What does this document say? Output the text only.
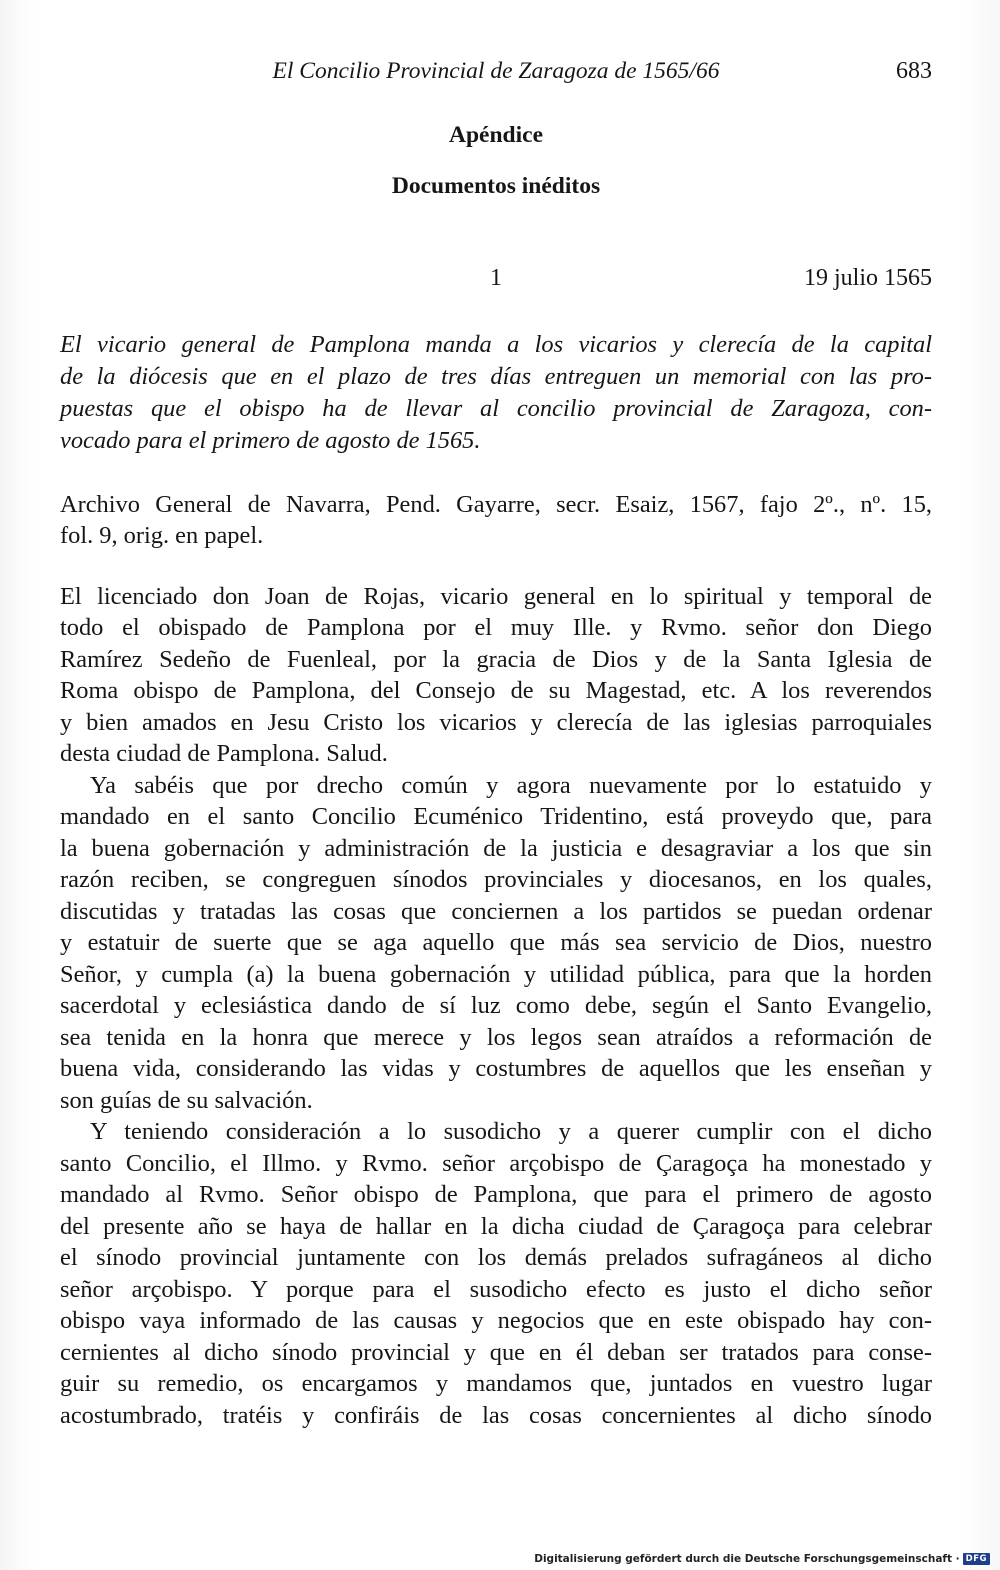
El Concilio Provincial de Zaragoza de 1565/66	683
Apéndice
Documentos inéditos
1	19 julio 1565
El vicario general de Pamplona manda a los vicarios y clerecía de la capital
de la diócesis que en el plazo de tres días entreguen un memorial con las pro-
puestas que el obispo ha de llevar al concilio provincial de Zaragoza, con-
vocado para el primero de agosto de 1565.
Archivo General de Navarra, Pend. Gayarre, secr. Esaiz, 1567, fajo 2º., nº. 15,
fol. 9, orig. en papel.
El licenciado don Joan de Rojas, vicario general en lo spiritual y temporal de
todo el obispado de Pamplona por el muy Ille. y Rvmo. señor don Diego
Ramírez Sedeño de Fuenleal, por la gracia de Dios y de la Santa Iglesia de
Roma obispo de Pamplona, del Consejo de su Magestad, etc. A los reverendos
y bien amados en Jesu Cristo los vicarios y clerecía de las iglesias parroquiales
desta ciudad de Pamplona. Salud.
Ya sabéis que por drecho común y agora nuevamente por lo estatuido y
mandado en el santo Concilio Ecuménico Tridentino, está proveydo que, para
la buena gobernación y administración de la justicia e desagraviar a los que sin
razón reciben, se congreguen sínodos provinciales y diocesanos, en los quales,
discutidas y tratadas las cosas que conciernen a los partidos se puedan ordenar
y estatuir de suerte que se aga aquello que más sea servicio de Dios, nuestro
Señor, y cumpla (a) la buena gobernación y utilidad pública, para que la horden
sacerdotal y eclesiástica dando de sí luz como debe, según el Santo Evangelio,
sea tenida en la honra que merece y los legos sean atraídos a reformación de
buena vida, considerando las vidas y costumbres de aquellos que les enseñan y
son guías de su salvación.
Y teniendo consideración a lo susodicho y a querer cumplir con el dicho
santo Concilio, el Illmo. y Rvmo. señor arçobispo de Çaragoça ha monestado y
mandado al Rvmo. Señor obispo de Pamplona, que para el primero de agosto
del presente año se haya de hallar en la dicha ciudad de Çaragoça para celebrar
el sínodo provincial juntamente con los demás prelados sufragáneos al dicho
señor arçobispo. Y porque para el susodicho efecto es justo el dicho señor
obispo vaya informado de las causas y negocios que en este obispado hay con-
cernientes al dicho sínodo provincial y que en él deban ser tratados para conse-
guir su remedio, os encargamos y mandamos que, juntados en vuestro lugar
acostumbrado, tratéis y confiráis de las cosas concernientes al dicho sínodo
Digitalisierung gefördert durch die Deutsche Forschungsgemeinschaft · DFG
